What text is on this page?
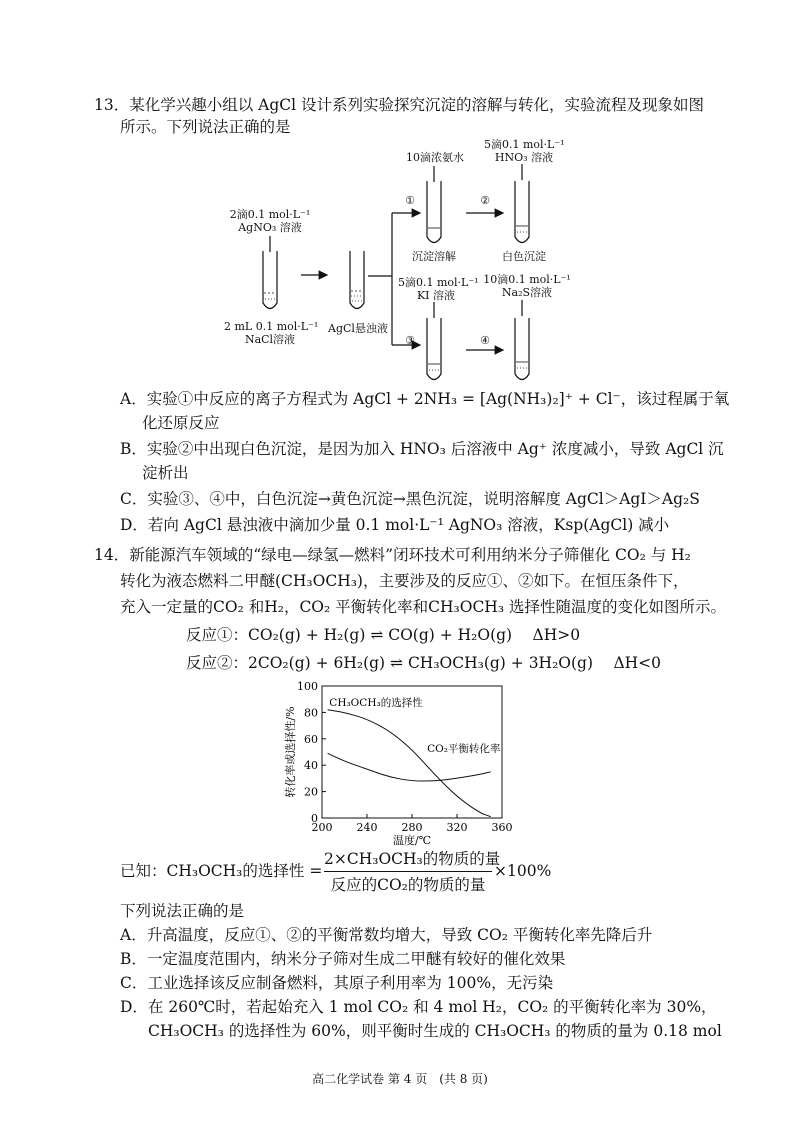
13．某化学兴趣小组以 AgCl 设计系列实验探究沉淀的溶解与转化，实验流程及现象如图
所示。下列说法正确的是
2滴0.1 mol·L⁻¹
AgNO₃ 溶液
2 mL 0.1 mol·L⁻¹
NaCl溶液
AgCl悬浊液
①	②
③	④
10滴浓氨水
5滴0.1 mol·L⁻¹
HNO₃ 溶液
沉淀溶解	白色沉淀
5滴0.1 mol·L⁻¹
KI 溶液
10滴0.1 mol·L⁻¹
Na₂S溶液
A．实验①中反应的离子方程式为 AgCl + 2NH₃ = [Ag(NH₃)₂]⁺ + Cl⁻，该过程属于氧
化还原反应
B．实验②中出现白色沉淀，是因为加入 HNO₃ 后溶液中 Ag⁺ 浓度减小，导致 AgCl 沉
淀析出
C．实验③、④中，白色沉淀→黄色沉淀→黑色沉淀，说明溶解度 AgCl＞AgI＞Ag₂S
D．若向 AgCl 悬浊液中滴加少量 0.1 mol·L⁻¹ AgNO₃ 溶液，Ksp(AgCl) 减小
14．新能源汽车领域的“绿电—绿氢—燃料”闭环技术可利用纳米分子筛催化 CO₂ 与 H₂
转化为液态燃料二甲醚(CH₃OCH₃)，主要涉及的反应①、②如下。在恒压条件下，
充入一定量的CO₂ 和H₂，CO₂ 平衡转化率和CH₃OCH₃ 选择性随温度的变化如图所示。
反应①：CO₂(g) + H₂(g) ⇌ CO(g) + H₂O(g)　 ΔH>0
反应②：2CO₂(g) + 6H₂(g) ⇌ CH₃OCH₃(g) + 3H₂O(g)　 ΔH<0
0
20
40
60
80
100
200 240 280 320 360
温度/℃
转化率或选择性/%
CH₃OCH₃的选择性
CO₂平衡转化率
已知：CH₃OCH₃的选择性 =
2×CH₃OCH₃的物质的量
反应的CO₂的物质的量
×100%
下列说法正确的是
A．升高温度，反应①、②的平衡常数均增大，导致 CO₂ 平衡转化率先降后升
B．一定温度范围内，纳米分子筛对生成二甲醚有较好的催化效果
C．工业选择该反应制备燃料，其原子利用率为 100%，无污染
D．在 260℃时，若起始充入 1 mol CO₂ 和 4 mol H₂，CO₂ 的平衡转化率为 30%，
CH₃OCH₃ 的选择性为 60%，则平衡时生成的 CH₃OCH₃ 的物质的量为 0.18 mol
高二化学试卷 第 4 页　(共 8 页)
